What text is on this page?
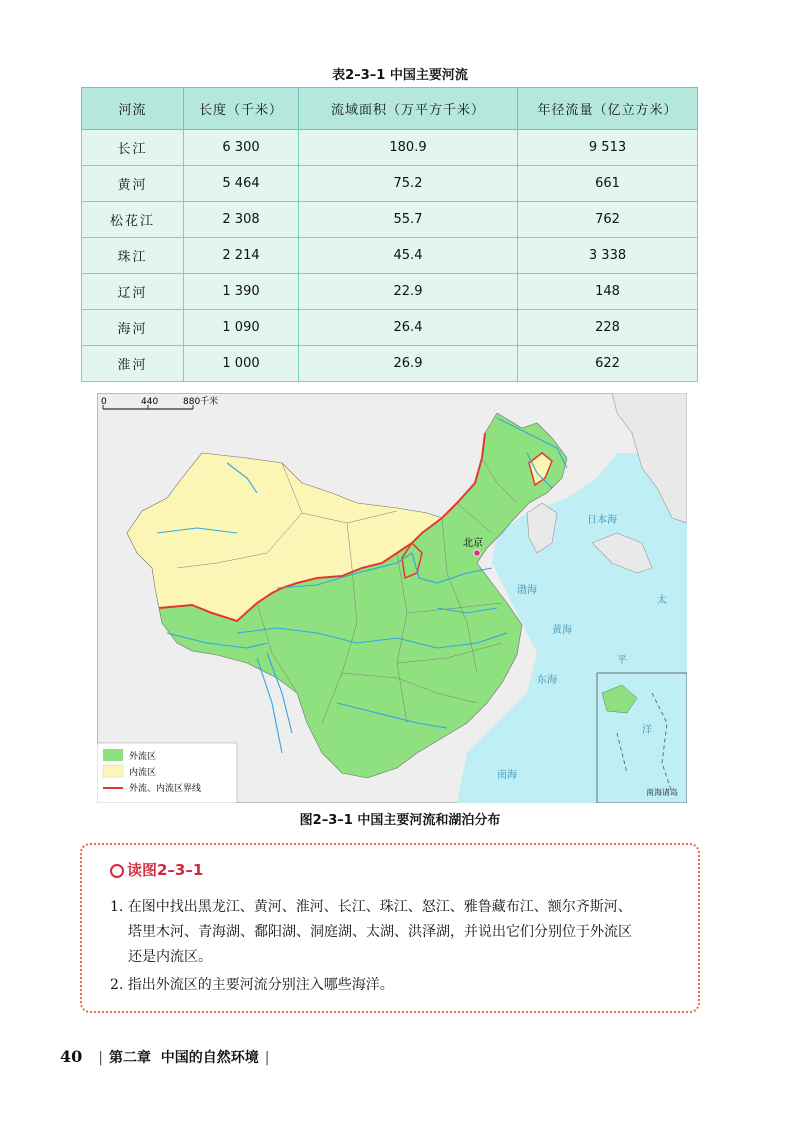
表2–3–1 中国主要河流
河流	长度（千米）	流域面积（万平方千米）	年径流量（亿立方米）
长江	6 300	180.9	9 513
黄河	5 464	75.2	661
松花江	2 308	55.7	762
珠江	2 214	45.4	3 338
辽河	1 390	22.9	148
海河	1 090	26.4	228
淮河	1 000	26.9	622
0	440	880千米
北京
日本海
渤海
黄海
东海
南海
太
平
洋
南海诸岛
外流区
内流区
外流、内流区界线
图2–3–1 中国主要河流和湖泊分布
读图2–3–1
1. 在图中找出黑龙江、黄河、淮河、长江、珠江、怒江、雅鲁藏布江、额尔齐斯河、
塔里木河、青海湖、鄱阳湖、洞庭湖、太湖、洪泽湖，并说出它们分别位于外流区
还是内流区。
2. 指出外流区的主要河流分别注入哪些海洋。
40 | 第二章 中国的自然环境 |
